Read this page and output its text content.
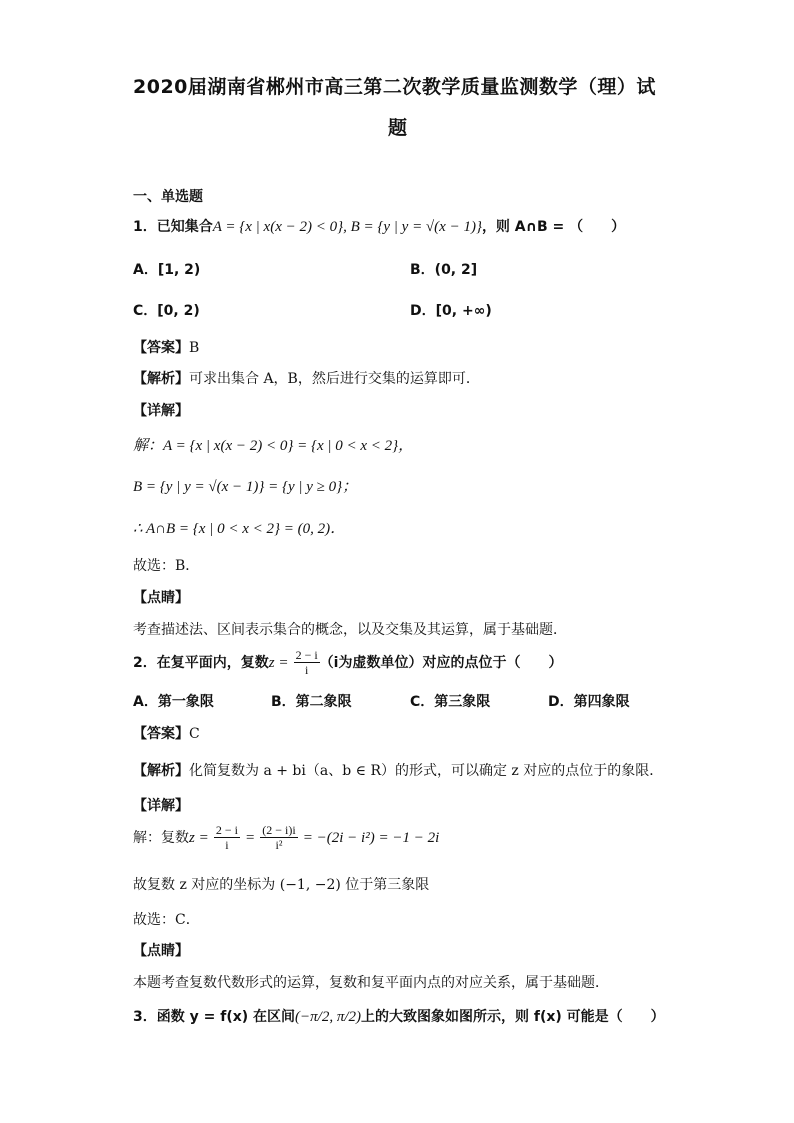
2020届湖南省郴州市高三第二次教学质量监测数学（理）试
题
一、单选题
1．已知集合A = {x | x(x − 2) < 0}, B = {y | y = √(x − 1)}，则 A∩B = （　　）
A．[1, 2)	B．(0, 2]
C．[0, 2)	D．[0, +∞)
【答案】B
【解析】可求出集合 A，B，然后进行交集的运算即可．
【详解】
解：A = {x | x(x − 2) < 0} = {x | 0 < x < 2}，
B = {y | y = √(x − 1)} = {y | y ≥ 0}；
∴ A∩B = {x | 0 < x < 2} = (0, 2)．
故选：B．
【点睛】
考查描述法、区间表示集合的概念，以及交集及其运算，属于基础题．
2．在复平面内，复数$z = \frac{2 - i}{i} (i$为虚数单位）对应的点位于（　　）
A．第一象限	B．第二象限	C．第三象限	D．第四象限
【答案】C
【解析】化简复数为 a + bi（a、b ∈ R）的形式，可以确定 z 对应的点位于的象限．
【详解】
解：复数$z = \frac{2 - i}{i} = \frac{(2 - i)i}{\text{i²}} = -(2i - i^2) = -1 - 2i$
故复数 z 对应的坐标为 (−1, −2) 位于第三象限
故选：C．
【点睛】
本题考查复数代数形式的运算，复数和复平面内点的对应关系，属于基础题．
3．函数 y = f(x) 在区间(−π/2, π/2)上的大致图象如图所示，则 f(x) 可能是（　　）
